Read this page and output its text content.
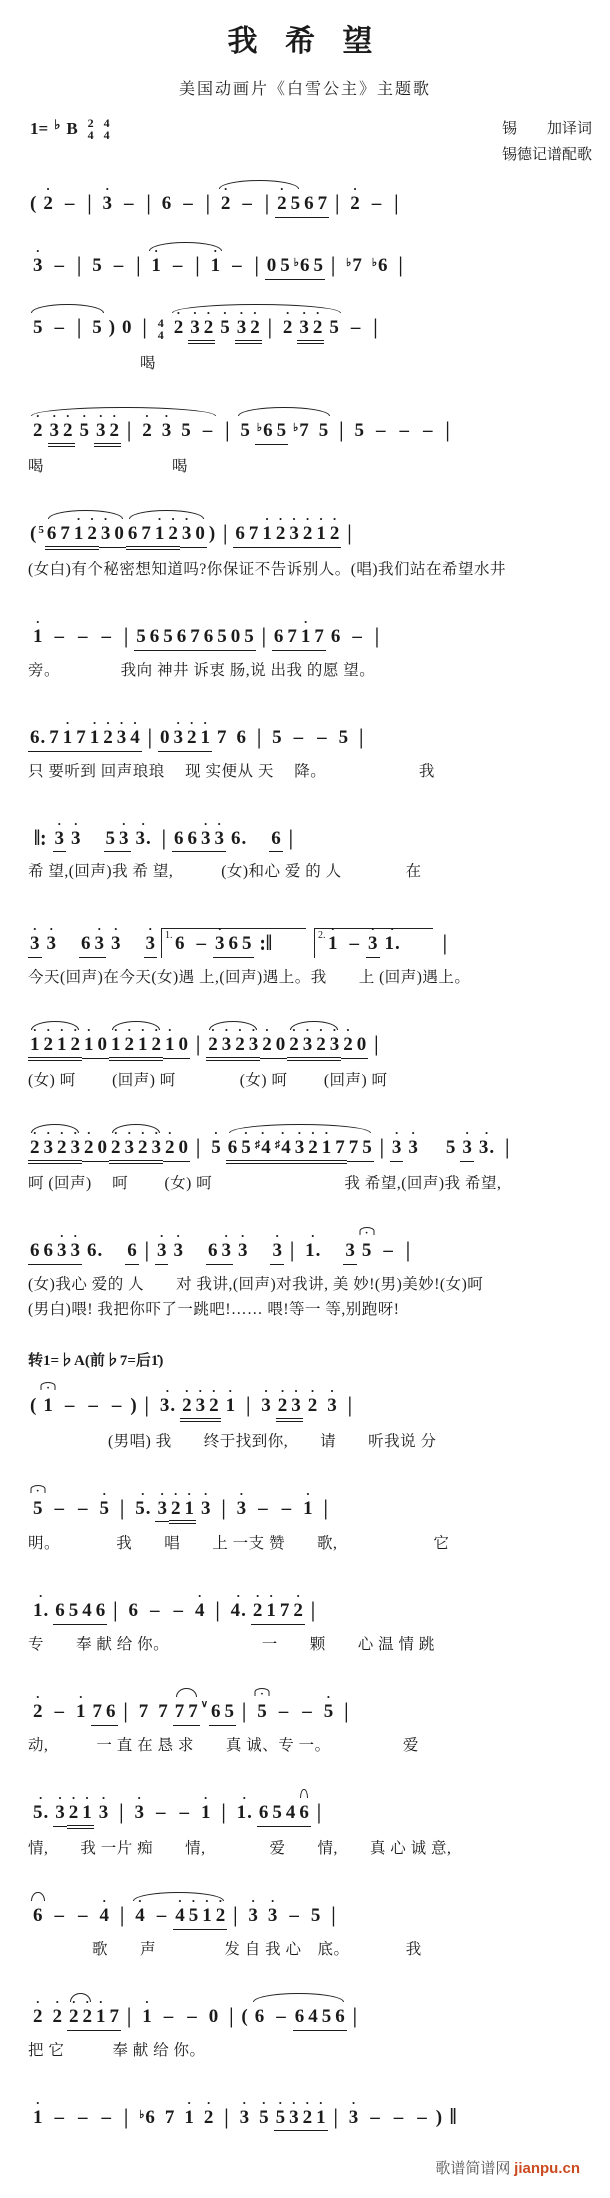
我 希 望
美国动画片《白雪公主》主题歌
1= ♭ B 2
4
4
4	锡　　加译词
锡德记谱配歌
( 2
·
– | 3
·
– | 6 – | 2
·
– | 2
·
5 6 7 | 2
·
– |
3
·
– | 5 – | 1
·
– | 1
·
– | 0 5 ♭6 5 | ♭7 ♭6 |
5 – | 5 ) 0 | 4
4 2
·
3
·
2
·
5
·
3
·
2
·
| 2
·
3
·
2
·
5 – |
　　　　　　　喝
2
·
3
·
2
·
5
·
3
·
2
·
| 2
·
3
·
5 – | 5 ♭6 5 ♭7 5 | 5 – – – |
喝　　　　　　　　喝
( $^5$ 6 7 1
·
2
·
3
·
0 6 7 1
·
2
·
3
·
0 ) | 6 7 1
·
2
·
3
·
2
·
1
·
2
·
|
(女白)有个秘密想知道吗?你保证不告诉别人。(唱)我们站在希望水井
1
·
– – – | 5 6 5 6 7 6 5 0 5 | 6 7 1
·
7 6 – |
旁。　　　　 我向 神井 诉衷 肠,说 出我 的愿 望。
6. 7 1
·
7 1
·
2
·
3
·
4
·
| 0 3
·
2
·
1
·
7 6 | 5 – – 5 |
只 要听到 回声琅琅　 现 实便从 天　 降。　　　　　　 我
‖: 3
·
3
·
5 3
·
3
·
. | 6 6 3
·
3
·
6. 6 |
希 望,(回声)我 希 望,　　　(女)和心 爱 的 人　　　　在
3
·
3
·
6 3
·
3
·
3
·
1. 6 – 3
·
6 5 :‖	2. 1
·
– 3
·
1
·
. |
今天(回声)在今天(女)遇 上,(回声)遇上。我　　上 (回声)遇上。
1
·
2
·
1
·
2
·
1
·
0 1
·
2
·
1
·
2
·
1
·
0 | 2
·
3
·
2
·
3
·
2
·
0 2
·
3
·
2
·
3
·
2
·
0 |
(女) 呵　　 (回声) 呵　　　　(女) 呵　　 (回声) 呵
2
·
3
·
2
·
3
·
2
·
0 2
·
3
·
2
·
3
·
2
·
0 | 5
·
6 5
·
♯4
·
♯4
·
3
·
2
·
1
·
7 7 5 | 3
·
3
·
5 3
·
3
·
. |
呵 (回声)　 呵　　 (女) 呵　　　　　　　　 我 希望,(回声)我 希望,
6 6 3
·
3
·
6. 6 | 3
·
3
·
6 3
·
3
·
3
·
| 1
·
. 3 5 · – |
(女)我心 爱的 人　　对 我讲,(回声)对我讲, 美 妙!(男)美妙!(女)呵
(男白)喂! 我把你吓了一跳吧!…… 喂!等一 等,别跑呀!
转1=♭A(前♭7=后1̇)
( 1 · – – – ) | 3
·
. 2
·
3
·
2
·
1
·
| 3
·
2
·
3
·
2
·
3
·
|
　　　　　(男唱) 我　　终于找到你,　　请　　听我说 分
5 · – – 5
·
| 5
·
. 3
·
2
·
1
·
3
·
| 3
·
– – 1
·
|
明。　　　　我　　唱　　上 一支 赞　　歌,　　　　　　它
1
·
. 6 5 4 6 | 6 – – 4
·
| 4
·
. 2
·
1
·
7 2
·
|
专　　奉 献 给 你。　　　　　　 一　　颗　　心 温 情 跳
2
·
– 1
·
7 6 | 7 7 7 7 ∨ 6 5 | 5 · – – 5
·
|
动,　　　一 直 在 恳 求　　真 诚、专 一。　　　　　爱
5
·
. 3
·
2
·
1
·
3
·
| 3
·
– – 1
·
| 1
·
. 6 5 4 6 |
情,　　我 一片 痴　　情,　　　　爱　　情,　　真 心 诚 意,
6 – – 4
·
| 4
·
– 4
·
5
·
1
·
2
·
| 3
·
3
·
– 5 |
　　　　歌　　声　　　　 发 自 我 心　底。　　　　我
2
·
2
·
2
·
2
·
1
·
7 | 1
·
– – 0 | ( 6 – 6 4 5 6 |
把 它　　　奉 献 给 你。
1
·
– – – | ♭6 7 1
·
2
·
| 3
·
5
·
5
·
3
·
2
·
1
·
| 3
·
– – – ) ‖
歌谱简谱网 jianpu.cn
